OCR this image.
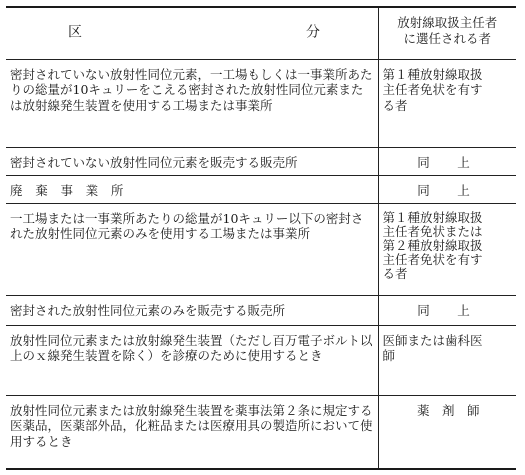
区 分	放射線取扱主任者
に選任される者
密封されていない放射性同位元素，一工場もしくは一事業所あたりの総量が10キュリーをこえる密封された放射性同位元素または放射線発生装置を使用する工場または事業所	第１種放射線取扱
主任者免状を有す
る者
密封されていない放射性同位元素を販売する販売所	同　上
廃 棄 事 業 所	同　上
一工場または一事業所あたりの総量が10キュリー以下の密封された放射性同位元素のみを使用する工場または事業所	第１種放射線取扱
主任者免状または
第２種放射線取扱
主任者免状を有す
る者
密封された放射性同位元素のみを販売する販売所	同　上
放射性同位元素または放射線発生装置（ただし百万電子ボルト以上のｘ線発生装置を除く）を診療のために使用するとき	医師または歯科医
師
放射性同位元素または放射線発生装置を薬事法第２条に規定する医薬品，医薬部外品，化粧品または医療用具の製造所において使用するとき	薬　剤　師
